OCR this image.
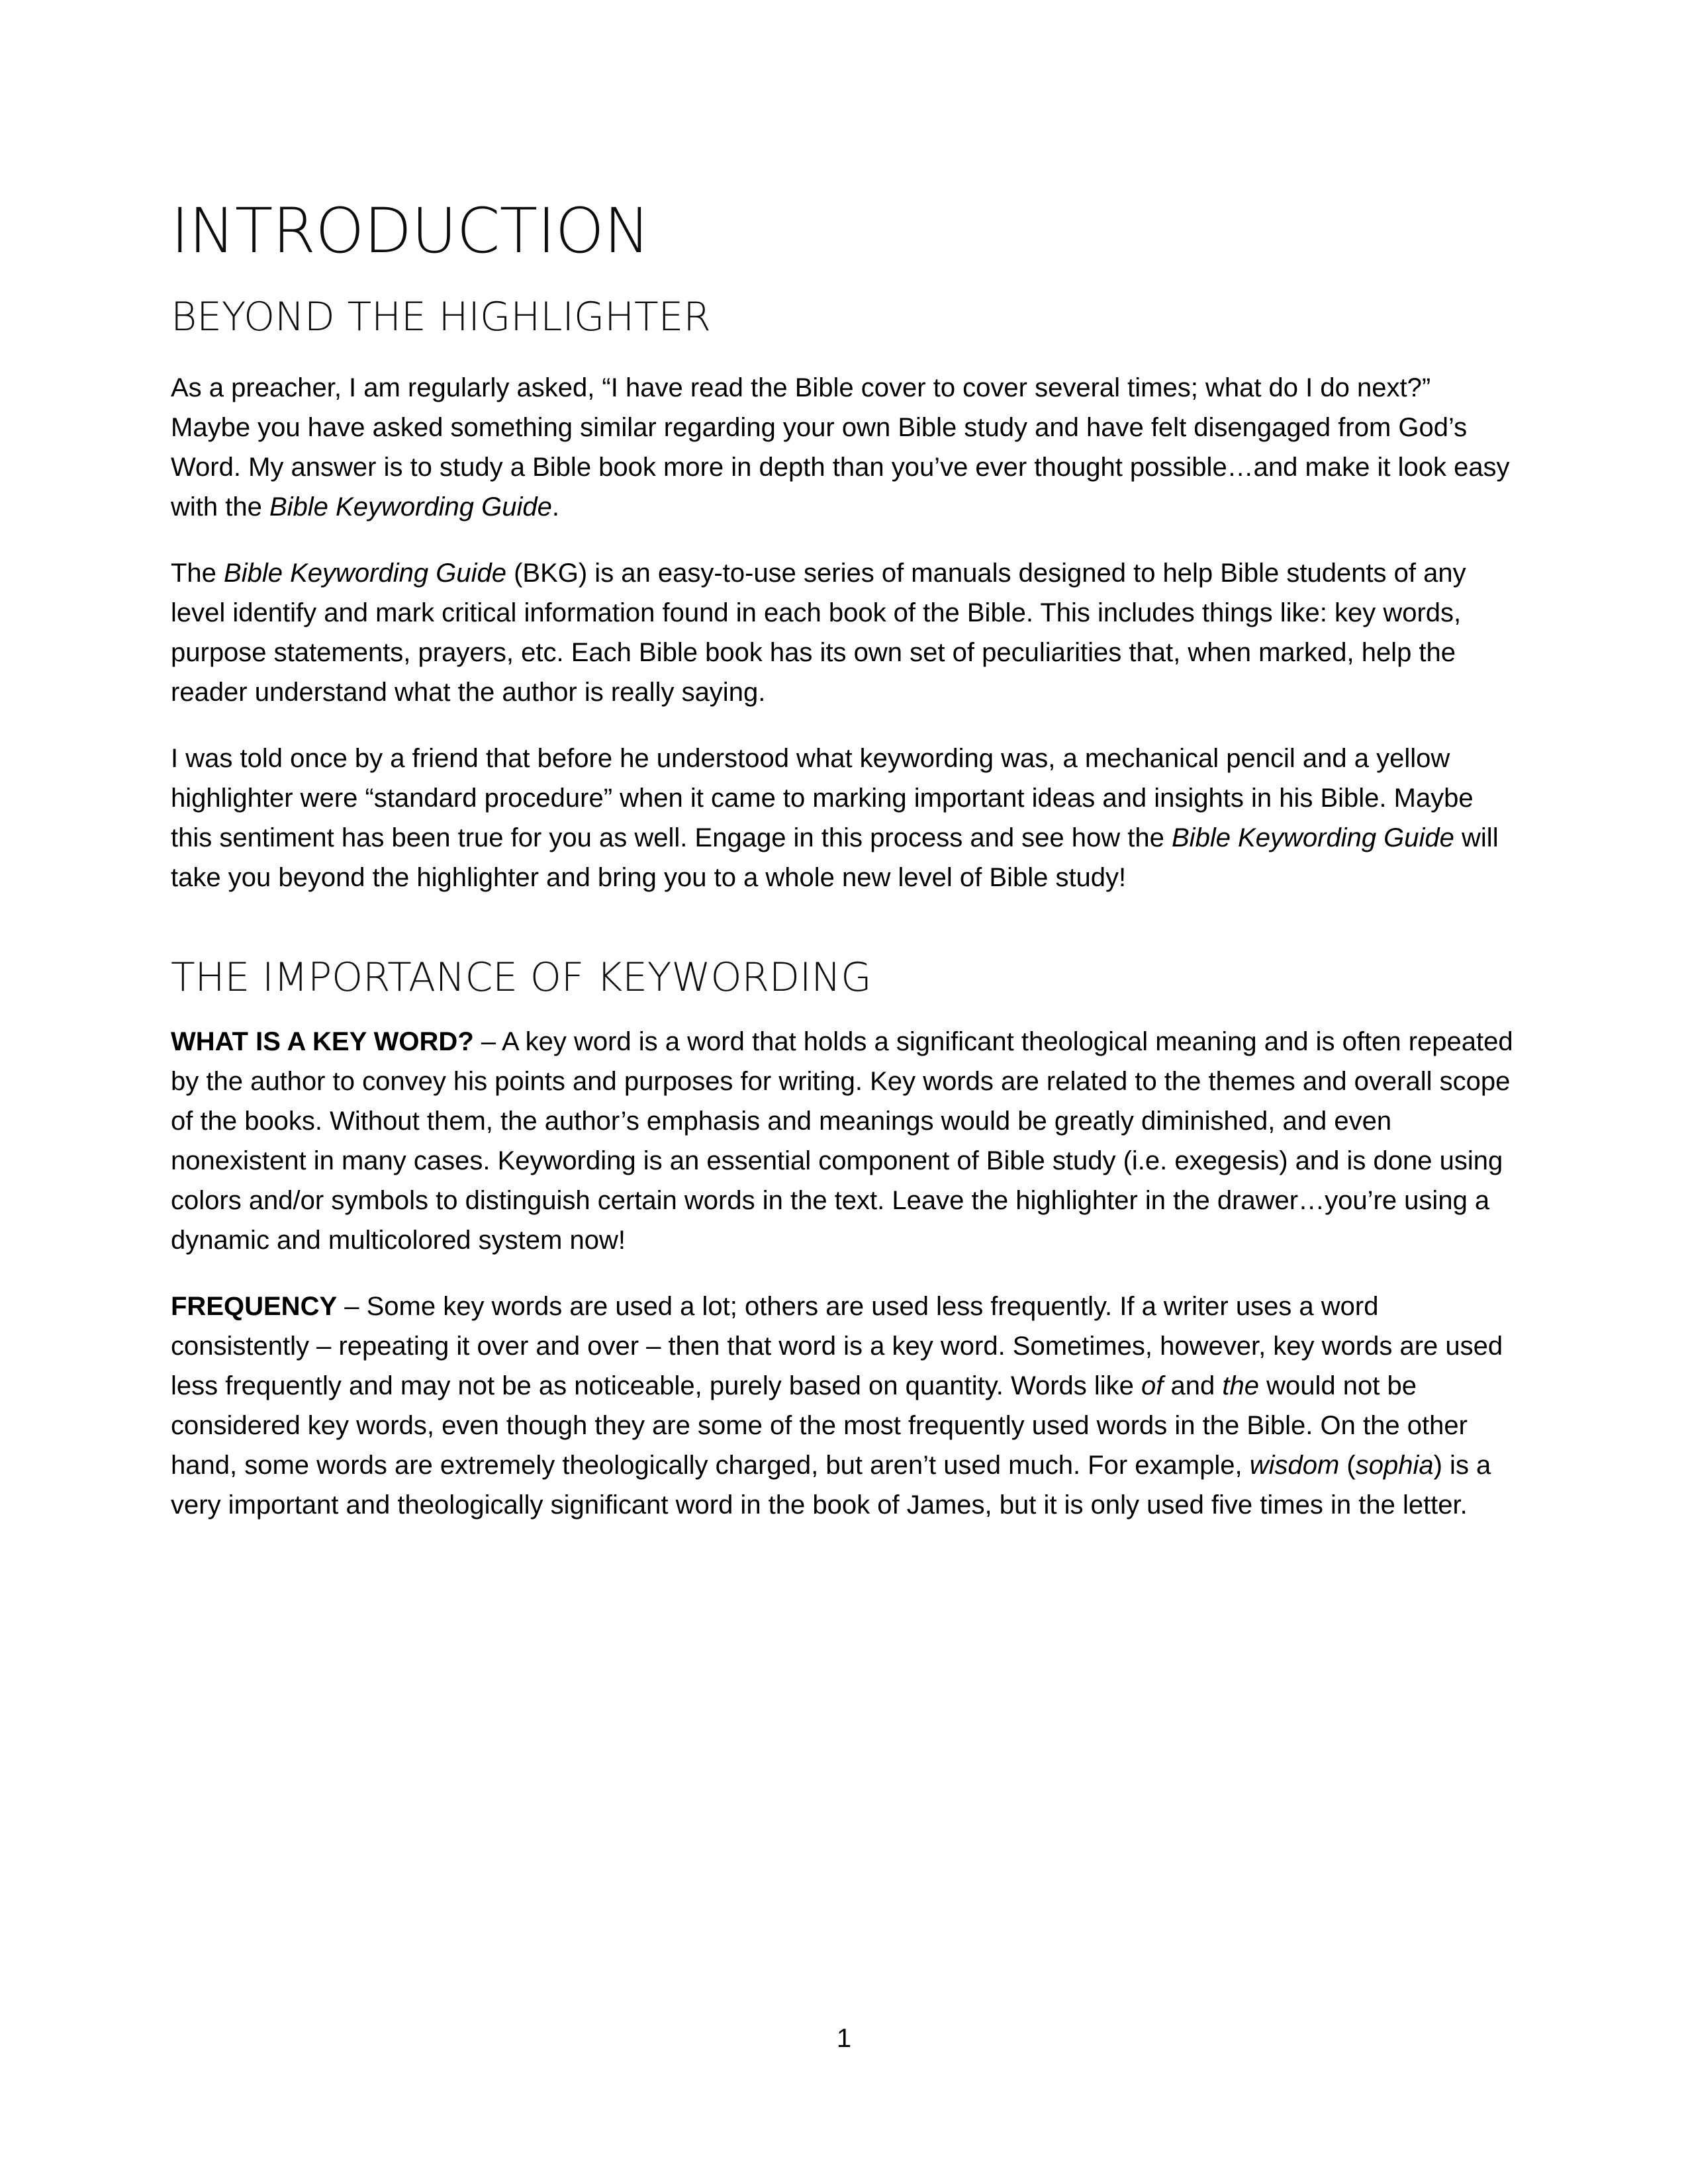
INTRODUCTION
BEYOND THE HIGHLIGHTER

As a preacher, I am regularly asked, “I have read the Bible cover to cover several times; what do I do next?” Maybe you have asked something similar regarding your own Bible study and have felt disengaged from God’s Word. My answer is to study a Bible book more in depth than you’ve ever thought possible…and make it look easy with the Bible Keywording Guide.

The Bible Keywording Guide (BKG) is an easy-to-use series of manuals designed to help Bible students of any level identify and mark critical information found in each book of the Bible. This includes things like: key words, purpose statements, prayers, etc. Each Bible book has its own set of peculiarities that, when marked, help the reader understand what the author is really saying.

I was told once by a friend that before he understood what keywording was, a mechanical pencil and a yellow highlighter were “standard procedure” when it came to marking important ideas and insights in his Bible. Maybe this sentiment has been true for you as well. Engage in this process and see how the Bible Keywording Guide will take you beyond the highlighter and bring you to a whole new level of Bible study!

THE IMPORTANCE OF KEYWORDING

WHAT IS A KEY WORD? – A key word is a word that holds a significant theological meaning and is often repeated by the author to convey his points and purposes for writing. Key words are related to the themes and overall scope of the books. Without them, the author’s emphasis and meanings would be greatly diminished, and even nonexistent in many cases. Keywording is an essential component of Bible study (i.e. exegesis) and is done using colors and/or symbols to distinguish certain words in the text. Leave the highlighter in the drawer…you’re using a dynamic and multicolored system now!

FREQUENCY – Some key words are used a lot; others are used less frequently. If a writer uses a word consistently – repeating it over and over – then that word is a key word. Sometimes, however, key words are used less frequently and may not be as noticeable, purely based on quantity. Words like of and the would not be considered key words, even though they are some of the most frequently used words in the Bible. On the other hand, some words are extremely theologically charged, but aren’t used much. For example, wisdom (sophia) is a very important and theologically significant word in the book of James, but it is only used five times in the letter.

1
